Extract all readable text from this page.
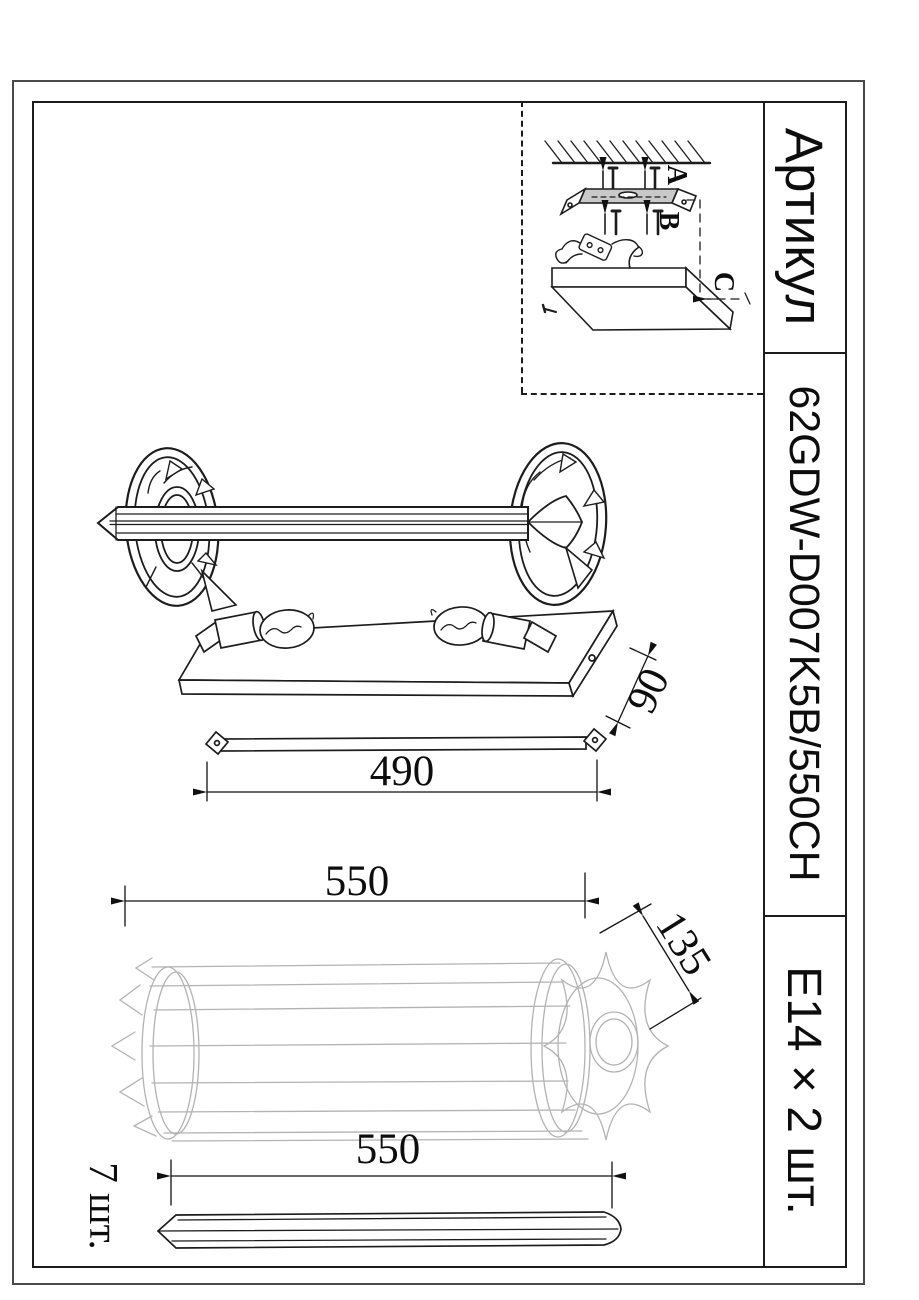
Артикул
62GDW-D007K5B/550CH
E14 × 2 шт.
A
B
C
490
90
550
135
550
7 шт.
